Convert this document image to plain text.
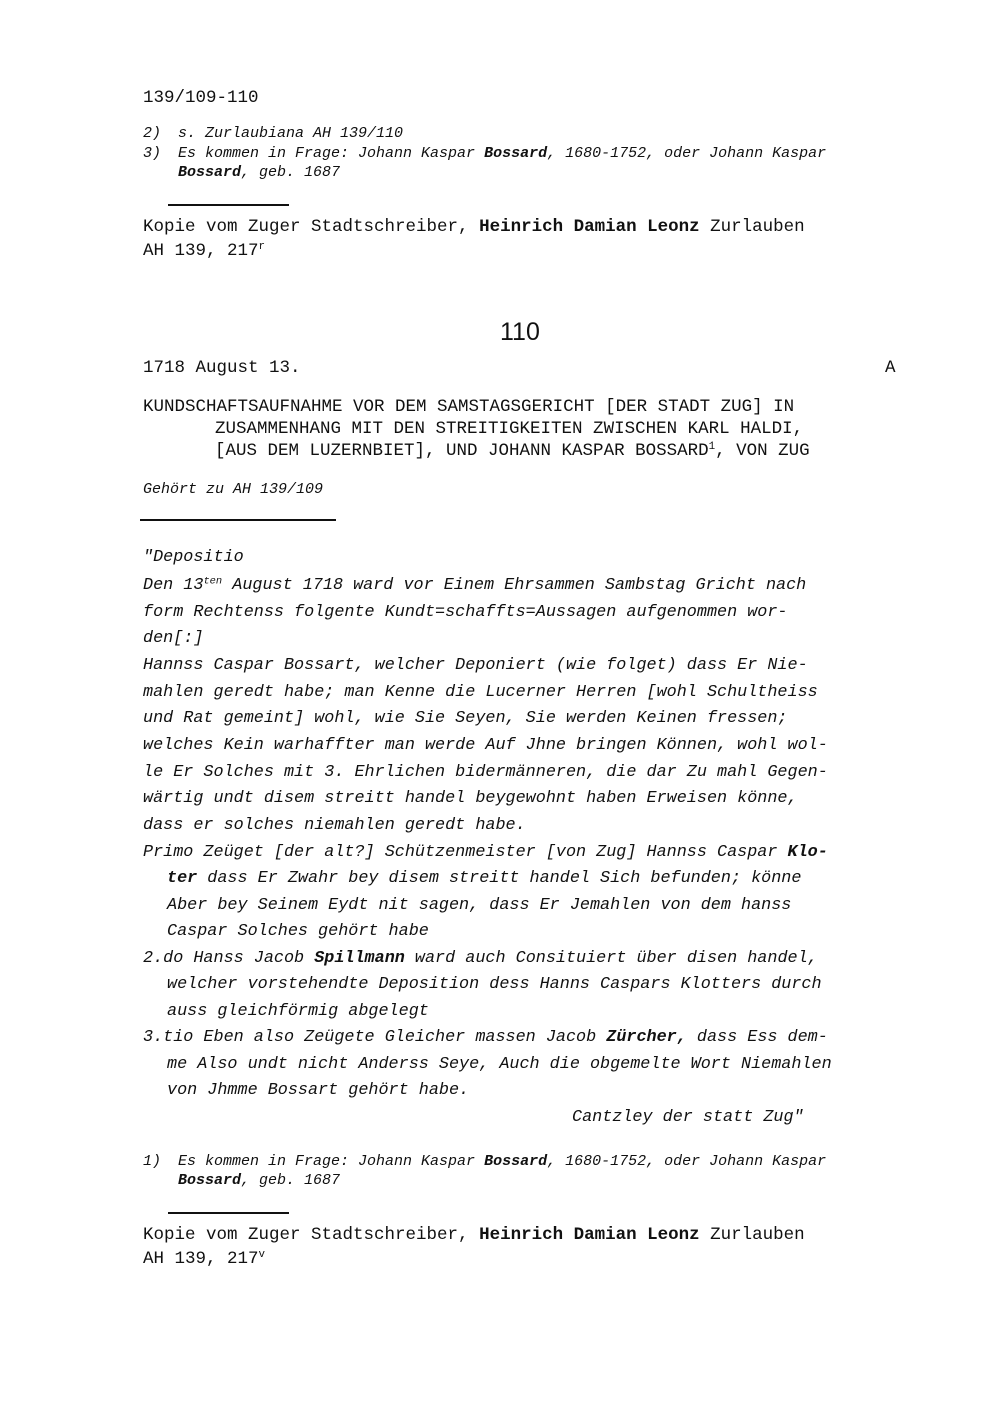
139/109-110
2) s. Zurlaubiana AH 139/110
3) Es kommen in Frage: Johann Kaspar Bossard, 1680-1752, oder Johann Kaspar
Bossard, geb. 1687
Kopie vom Zuger Stadtschreiber, Heinrich Damian Leonz Zurlauben
AH 139, 217$^r$
110
1718 August 13.	A
KUNDSCHAFTSAUFNAHME VOR DEM SAMSTAGSGERICHT [DER STADT ZUG] IN
ZUSAMMENHANG MIT DEN STREITIGKEITEN ZWISCHEN KARL HALDI,
[AUS DEM LUZERNBIET], UND JOHANN KASPAR BOSSARD$^1$, VON ZUG
Gehört zu AH 139/109
"Depositio
Den $13^{ten}$ August 1718 ward vor Einem Ehrsammen Sambstag Gricht nach
form Rechtenss folgente Kundt=schaffts=Aussagen aufgenommen wor-
den[:]
Hannss Caspar Bossart, welcher Deponiert (wie folget) dass Er Nie-
mahlen geredt habe; man Kenne die Lucerner Herren [wohl Schultheiss
und Rat gemeint] wohl, wie Sie Seyen, Sie werden Keinen fressen;
welches Kein warhaffter man werde Auf Jhne bringen Können, wohl wol-
le Er Solches mit 3. Ehrlichen bidermänneren, die dar Zu mahl Gegen-
wärtig undt disem streitt handel beygewohnt haben Erweisen könne,
dass er solches niemahlen geredt habe.
Primo Zeüget [der alt?] Schützenmeister [von Zug] Hannss Caspar Klo-
ter dass Er Zwahr bey disem streitt handel Sich befunden; könne
Aber bey Seinem Eydt nit sagen, dass Er Jemahlen von dem hanss
Caspar Solches gehört habe
2.do Hanss Jacob Spillmann ward auch Consituiert über disen handel,
welcher vorstehendte Deposition dess Hanns Caspars Klotters durch
auss gleichförmig abgelegt
3.tio Eben also Zeügete Gleicher massen Jacob Zürcher, dass Ess dem-
me Also undt nicht Anderss Seye, Auch die obgemelte Wort Niemahlen
von Jhmme Bossart gehört habe.
Cantzley der statt Zug"
1) Es kommen in Frage: Johann Kaspar Bossard, 1680-1752, oder Johann Kaspar
Bossard, geb. 1687
Kopie vom Zuger Stadtschreiber, Heinrich Damian Leonz Zurlauben
AH 139, 217$^v$
